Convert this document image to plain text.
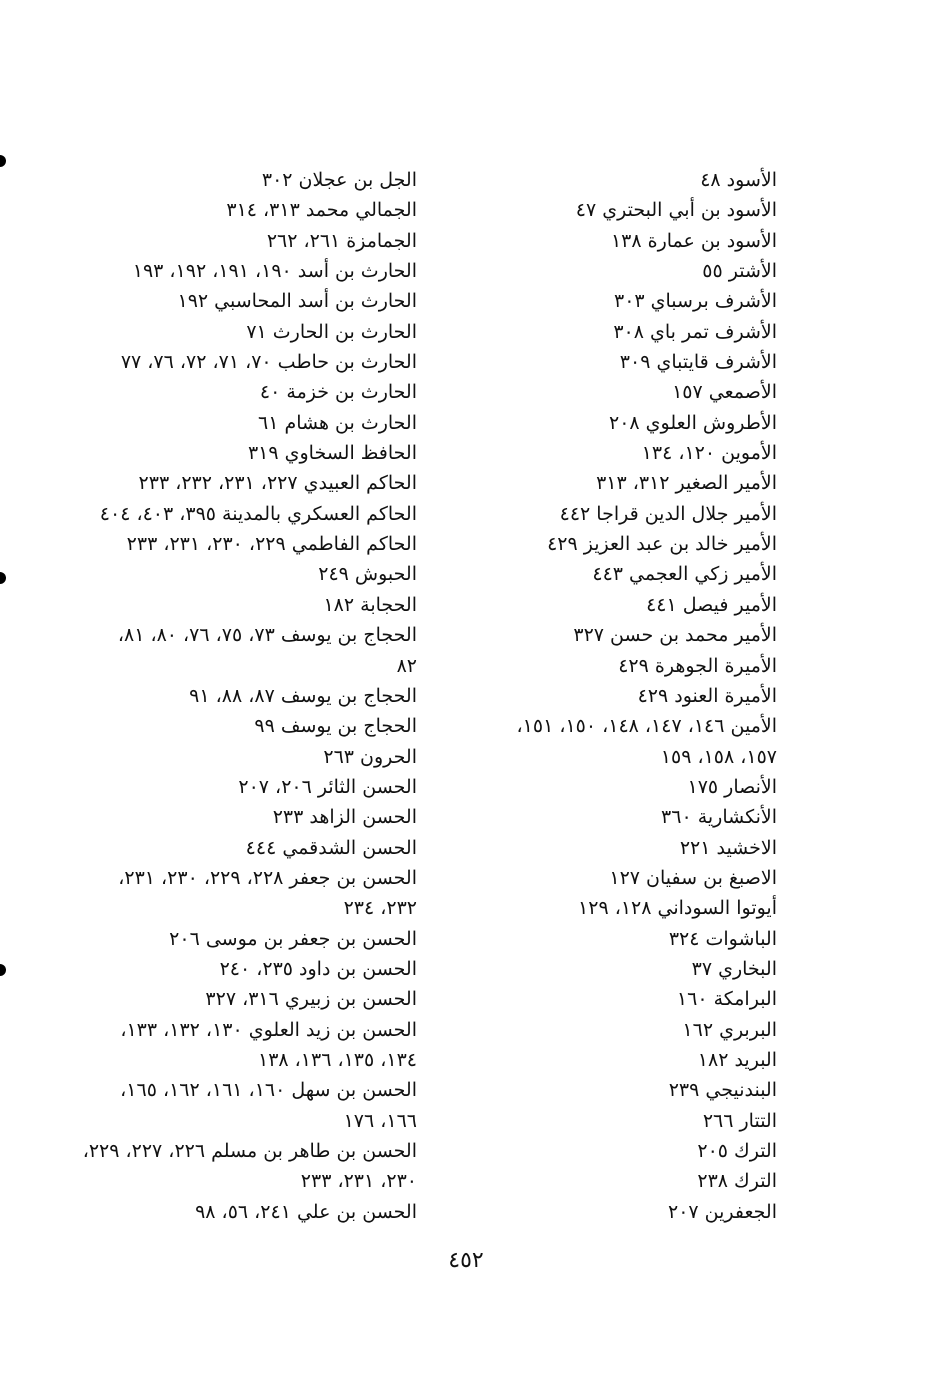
الأسود ٤٨
الأسود بن أبي البحتري ٤٧
الأسود بن عمارة ١٣٨
الأشتر ٥٥
الأشرف برسباي ٣٠٣
الأشرف تمر باي ٣٠٨
الأشرف قايتباي ٣٠٩
الأصمعي ١٥٧
الأطروش العلوي ٢٠٨
الأموين ١٢٠، ١٣٤
الأمير الصغير ٣١٢، ٣١٣
الأمير جلال الدين قراجا ٤٤٢
الأمير خالد بن عبد العزيز ٤٢٩
الأمير زكي العجمي ٤٤٣
الأمير فيصل ٤٤١
الأمير محمد بن حسن ٣٢٧
الأميرة الجوهرة ٤٢٩
الأميرة العنود ٤٢٩
الأمين ١٤٦، ١٤٧، ١٤٨، ١٥٠، ١٥١،
١٥٧، ١٥٨، ١٥٩
الأنصار ١٧٥
الأنكشارية ٣٦٠
الاخشيد ٢٢١
الاصبغ بن سفيان ١٢٧
أيوتوا السوداني ١٢٨، ١٢٩
الباشوات ٣٢٤
البخاري ٣٧
البرامكة ١٦٠
البربري ١٦٢
البريد ١٨٢
البندنيجي ٢٣٩
التتار ٢٦٦
الترك ٢٠٥
الترك ٢٣٨
الجعفرين ٢٠٧
الجل بن عجلان ٣٠٢
الجمالي محمد ٣١٣، ٣١٤
الجمامزة ٢٦١، ٢٦٢
الحارث بن أسد ١٩٠، ١٩١، ١٩٢، ١٩٣
الحارث بن أسد المحاسبي ١٩٢
الحارث بن الحارث ٧١
الحارث بن حاطب ٧٠، ٧١، ٧٢، ٧٦، ٧٧
الحارث بن خزمة ٤٠
الحارث بن هشام ٦١
الحافظ السخاوي ٣١٩
الحاكم العبيدي ٢٢٧، ٢٣١، ٢٣٢، ٢٣٣
الحاكم العسكري بالمدينة ٣٩٥، ٤٠٣، ٤٠٤
الحاكم الفاطمي ٢٢٩، ٢٣٠، ٢٣١، ٢٣٣
الحبوش ٢٤٩
الحجابة ١٨٢
الحجاج بن يوسف ٧٣، ٧٥، ٧٦، ٨٠، ٨١،
٨٢
الحجاج بن يوسف ٨٧، ٨٨، ٩١
الحجاج بن يوسف ٩٩
الحرون ٢٦٣
الحسن الثائر ٢٠٦، ٢٠٧
الحسن الزاهد ٢٣٣
الحسن الشدقمي ٤٤٤
الحسن بن جعفر ٢٢٨، ٢٢٩، ٢٣٠، ٢٣١،
٢٣٢، ٢٣٤
الحسن بن جعفر بن موسى ٢٠٦
الحسن بن داود ٢٣٥، ٢٤٠
الحسن بن زبيري ٣١٦، ٣٢٧
الحسن بن زيد العلوي ١٣٠، ١٣٢، ١٣٣،
١٣٤، ١٣٥، ١٣٦، ١٣٨
الحسن بن سهل ١٦٠، ١٦١، ١٦٢، ١٦٥،
١٦٦، ١٧٦
الحسن بن طاهر بن مسلم ٢٢٦، ٢٢٧، ٢٢٩،
٢٣٠، ٢٣١، ٢٣٣
الحسن بن علي ٢٤١، ٥٦، ٩٨
٤٥٢
